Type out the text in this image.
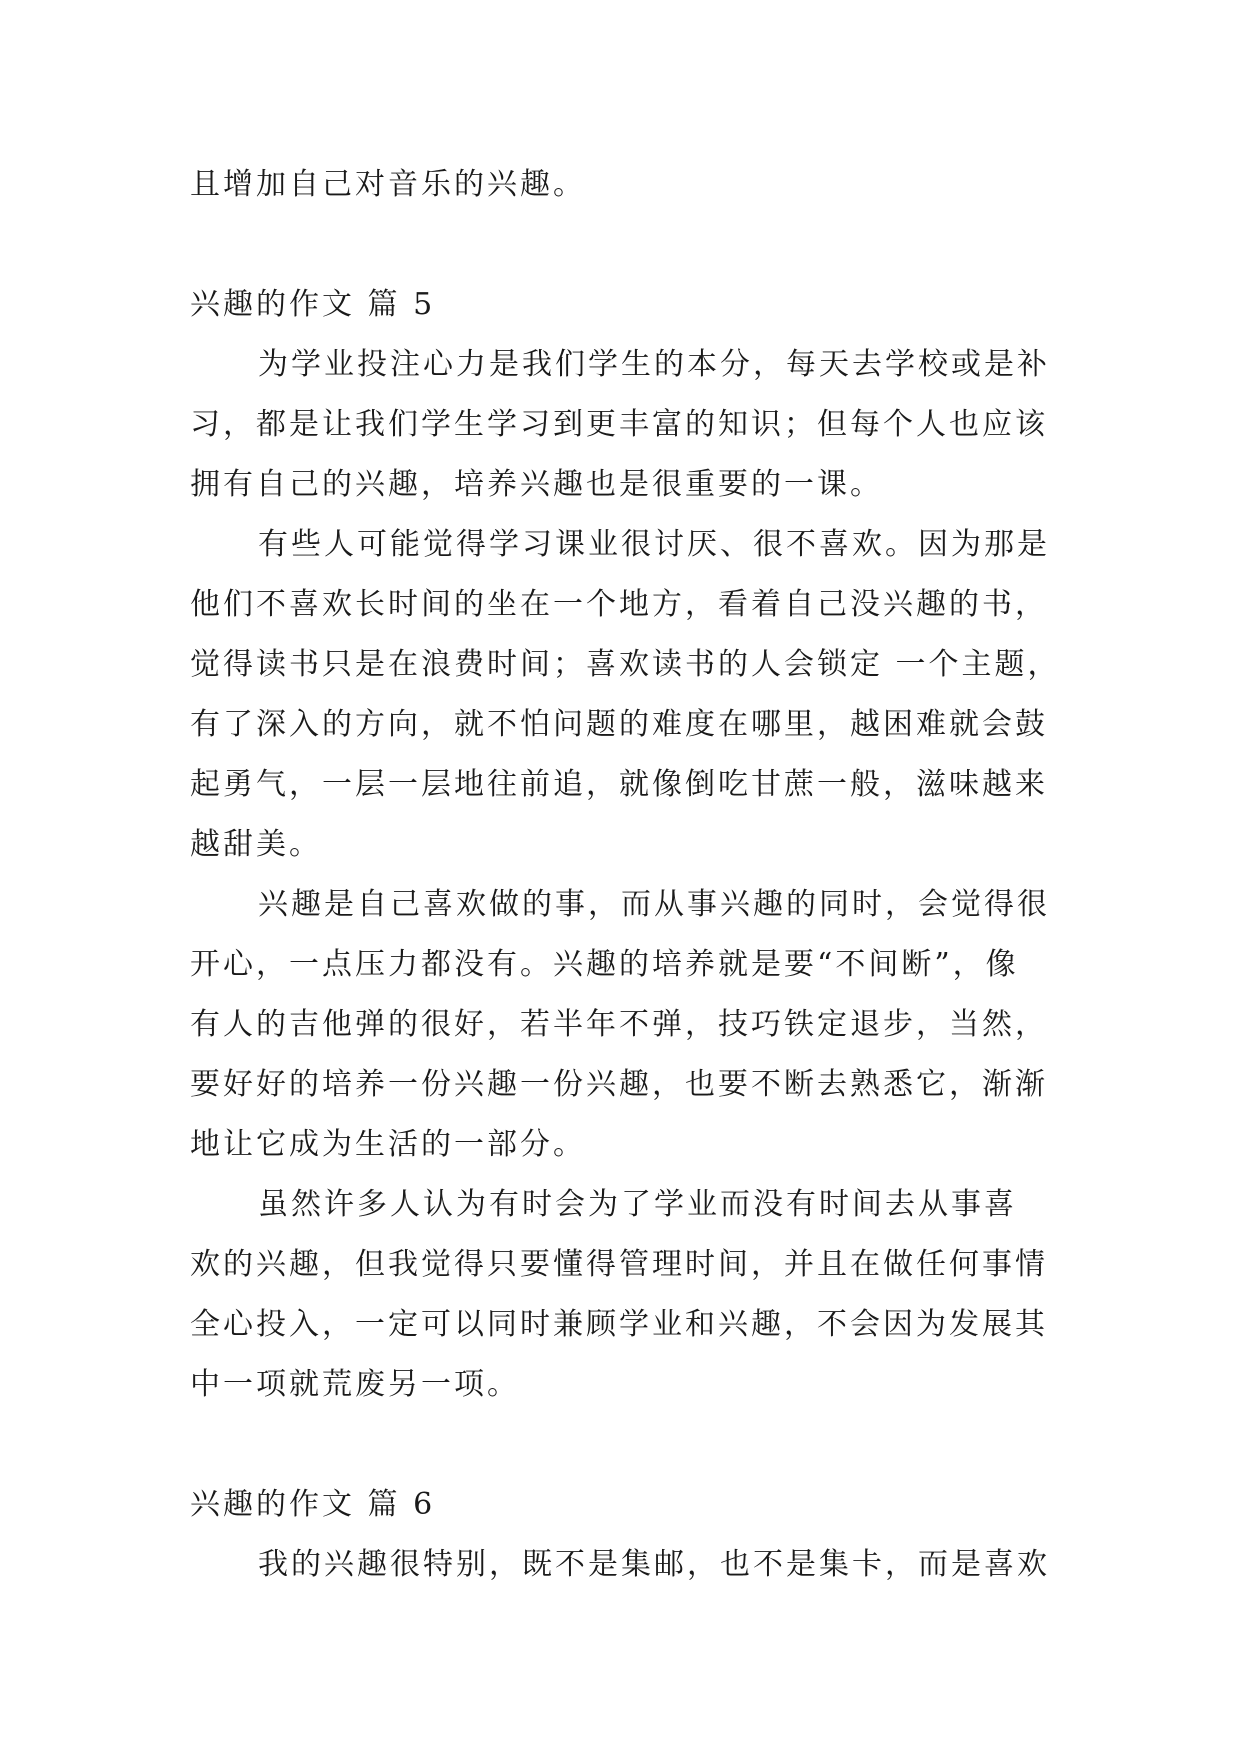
且增加自己对音乐的兴趣。
兴趣的作文 篇 5
为学业投注心力是我们学生的本分，每天去学校或是补
习，都是让我们学生学习到更丰富的知识；但每个人也应该
拥有自己的兴趣，培养兴趣也是很重要的一课。
有些人可能觉得学习课业很讨厌、很不喜欢。因为那是
他们不喜欢长时间的坐在一个地方，看着自己没兴趣的书，
觉得读书只是在浪费时间；喜欢读书的人会锁定 一个主题，
有了深入的方向，就不怕问题的难度在哪里，越困难就会鼓
起勇气，一层一层地往前追，就像倒吃甘蔗一般，滋味越来
越甜美。
兴趣是自己喜欢做的事，而从事兴趣的同时，会觉得很
开心，一点压力都没有。兴趣的培养就是要“不间断”，像
有人的吉他弹的很好，若半年不弹，技巧铁定退步，当然，
要好好的培养一份兴趣一份兴趣，也要不断去熟悉它，渐渐
地让它成为生活的一部分。
虽然许多人认为有时会为了学业而没有时间去从事喜
欢的兴趣，但我觉得只要懂得管理时间，并且在做任何事情
全心投入，一定可以同时兼顾学业和兴趣，不会因为发展其
中一项就荒废另一项。
兴趣的作文 篇 6
我的兴趣很特别，既不是集邮，也不是集卡，而是喜欢
